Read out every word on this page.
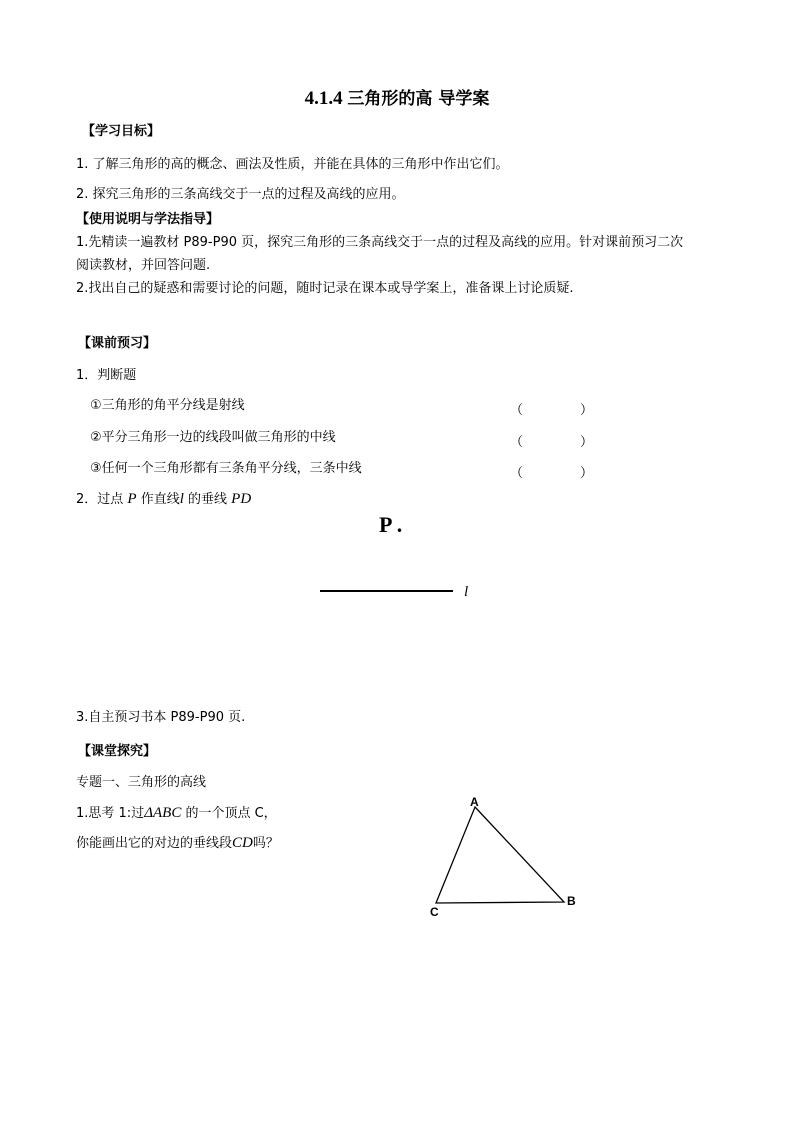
4.1.4 三角形的高 导学案
【学习目标】
1. 了解三角形的高的概念、画法及性质，并能在具体的三角形中作出它们。
2. 探究三角形的三条高线交于一点的过程及高线的应用。
【使用说明与学法指导】
1.先精读一遍教材 P89-P90 页，探究三角形的三条高线交于一点的过程及高线的应用。针对课前预习二次
阅读教材，并回答问题.
2.找出自己的疑惑和需要讨论的问题，随时记录在课本或导学案上，准备课上讨论质疑.
【课前预习】
1．判断题
①三角形的角平分线是射线	（	）
②平分三角形一边的线段叫做三角形的中线	（	）
③任何一个三角形都有三条角平分线，三条中线	（	）
2．过点 P 作直线l 的垂线 PD
P .
l
3.自主预习书本 P89-P90 页.
【课堂探究】
专题一、三角形的高线
1.思考 1:过ΔABC 的一个顶点 C，
你能画出它的对边的垂线段CD吗？
A
B
C
